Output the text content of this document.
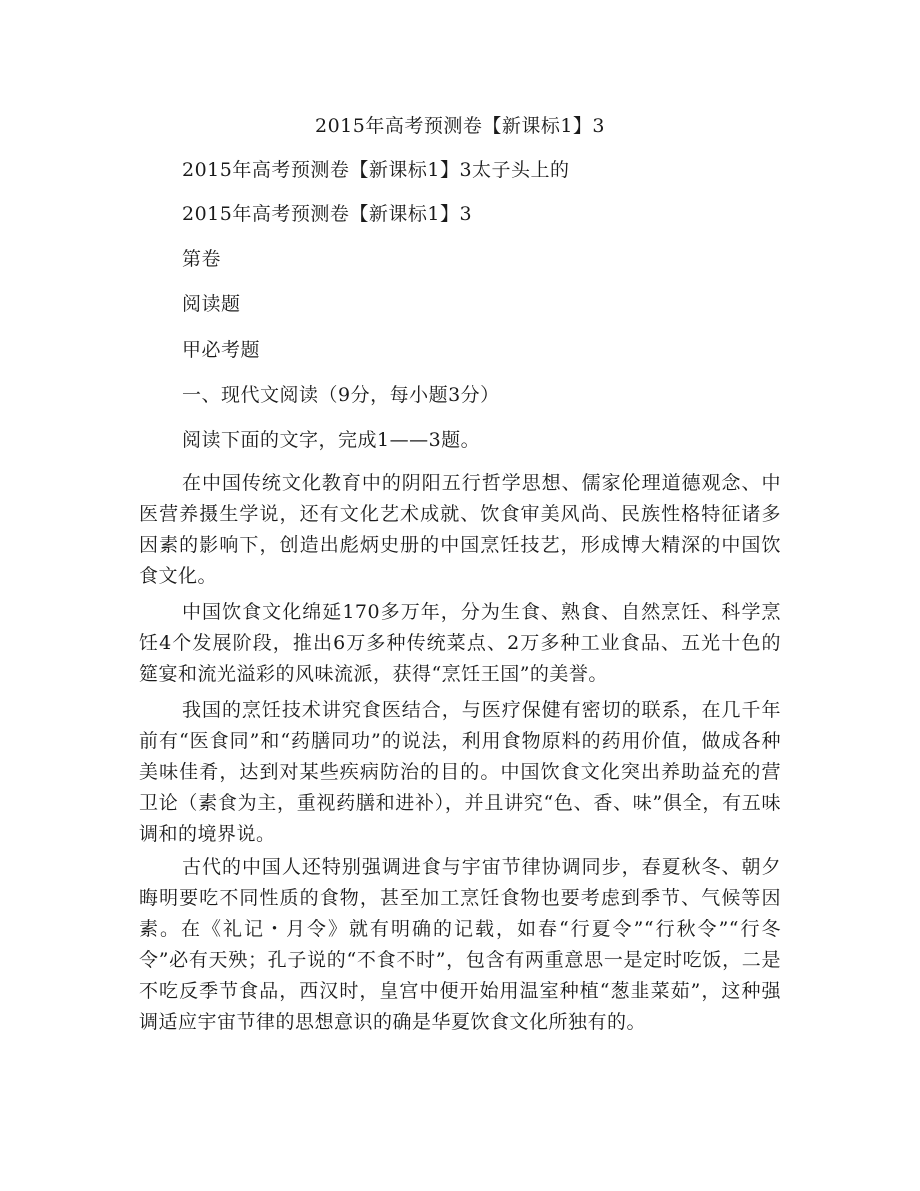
2015年高考预测卷【新课标1】3
2015年高考预测卷【新课标1】3太子头上的
2015年高考预测卷【新课标1】3
第卷
阅读题
甲必考题
一、现代文阅读（9分，每小题3分）
阅读下面的文字，完成1——3题。

在中国传统文化教育中的阴阳五行哲学思想、儒家伦理道德观念、中医营养摄生学说，还有文化艺术成就、饮食审美风尚、民族性格特征诸多因素的影响下，创造出彪炳史册的中国烹饪技艺，形成博大精深的中国饮食文化。

中国饮食文化绵延170多万年，分为生食、熟食、自然烹饪、科学烹饪4个发展阶段，推出6万多种传统菜点、2万多种工业食品、五光十色的筵宴和流光溢彩的风味流派，获得“烹饪王国”的美誉。

我国的烹饪技术讲究食医结合，与医疗保健有密切的联系，在几千年前有“医食同”和“药膳同功”的说法，利用食物原料的药用价值，做成各种美味佳肴，达到对某些疾病防治的目的。中国饮食文化突出养助益充的营卫论（素食为主，重视药膳和进补），并且讲究“色、香、味”俱全，有五味调和的境界说。

古代的中国人还特别强调进食与宇宙节律协调同步，春夏秋冬、朝夕晦明要吃不同性质的食物，甚至加工烹饪食物也要考虑到季节、气候等因素。在《礼记・月令》就有明确的记载，如春“行夏令”“行秋令”“行冬令”必有天殃；孔子说的“不食不时”，包含有两重意思一是定时吃饭，二是不吃反季节食品，西汉时，皇宫中便开始用温室种植“葱韭菜茹”，这种强调适应宇宙节律的思想意识的确是华夏饮食文化所独有的。
